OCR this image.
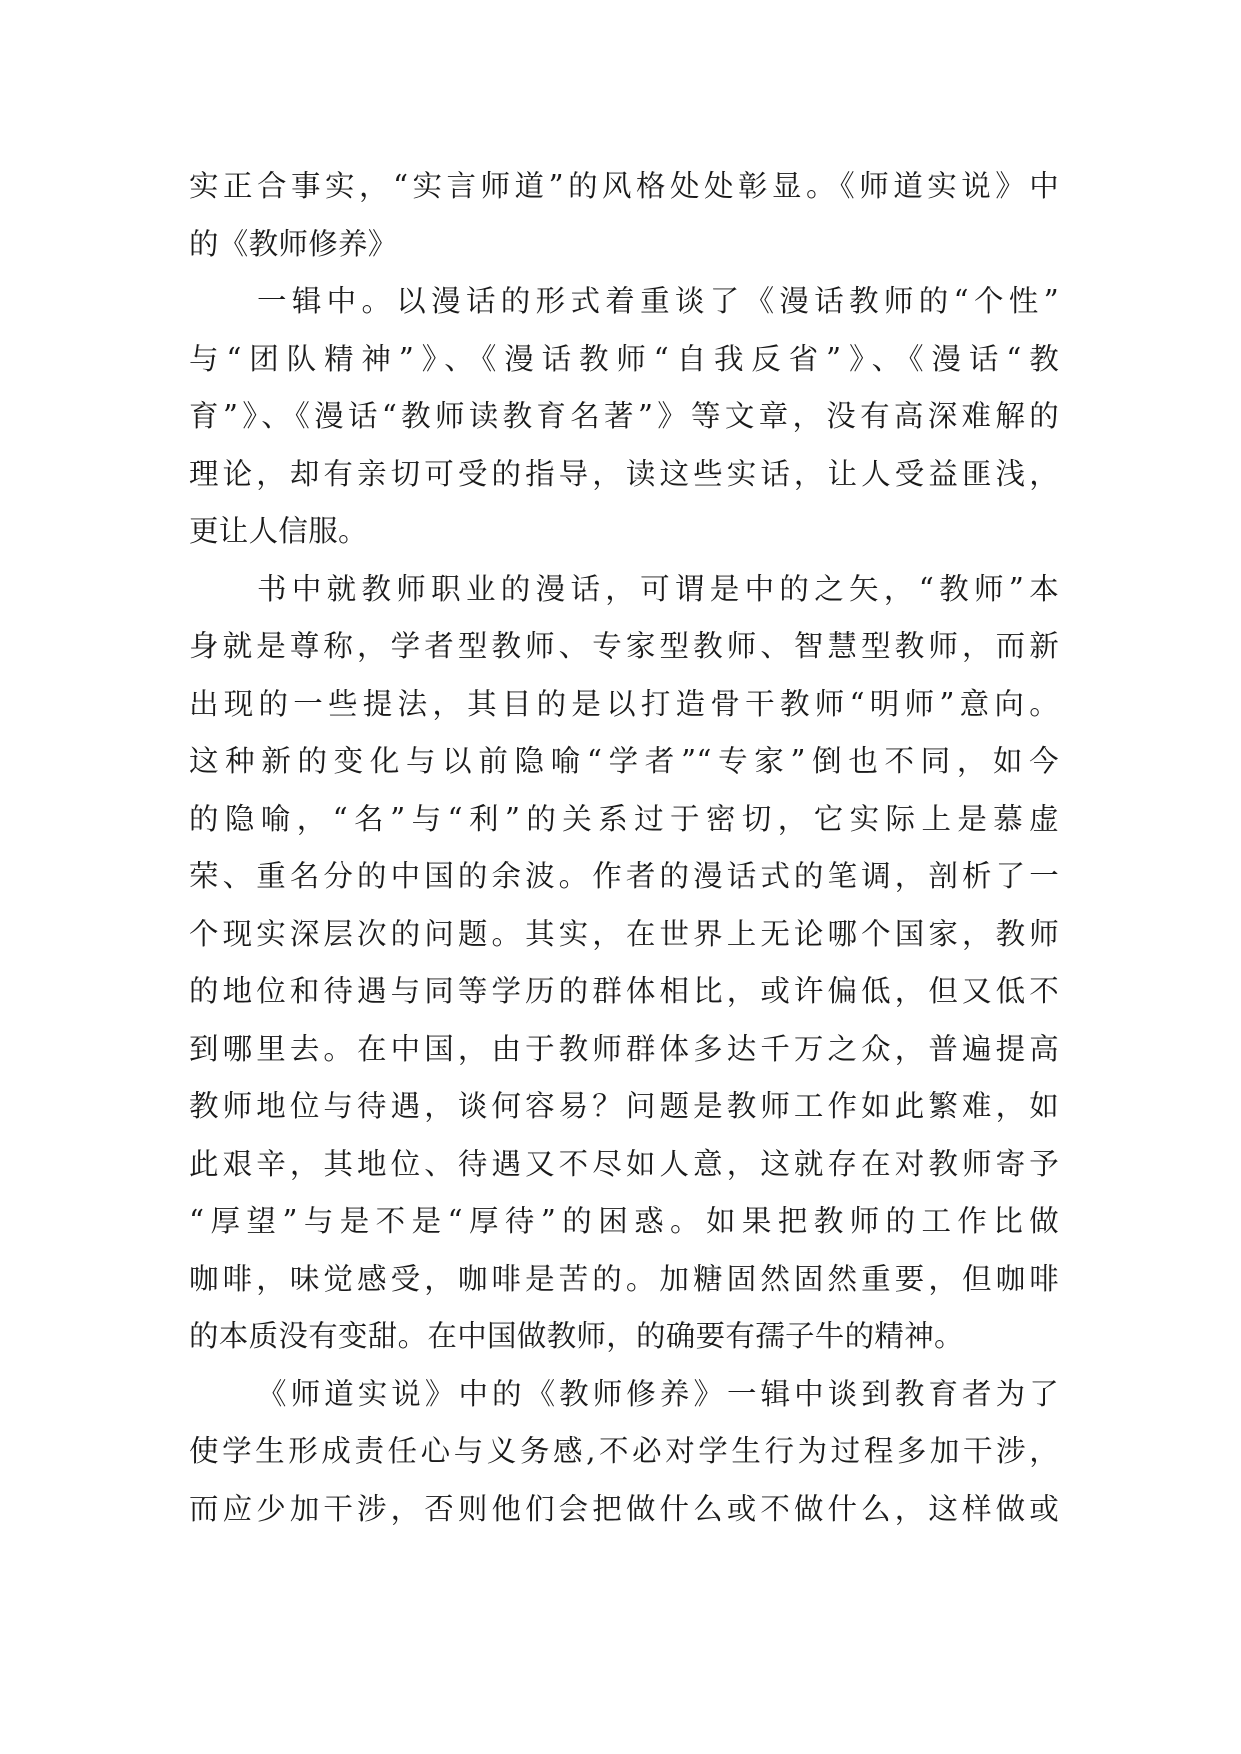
实正合事实，“实言师道”的风格处处彰显。《师道实说》中
的《教师修养》
一辑中。以漫话的形式着重谈了《漫话教师的“个性”
与“团队精神”》、《漫话教师“自我反省”》、《漫话“教
育”》、《漫话“教师读教育名著”》等文章，没有高深难解的
理论，却有亲切可受的指导，读这些实话，让人受益匪浅，
更让人信服。
书中就教师职业的漫话，可谓是中的之矢，“教师”本
身就是尊称，学者型教师、专家型教师、智慧型教师，而新
出现的一些提法，其目的是以打造骨干教师“明师”意向。
这种新的变化与以前隐喻“学者”“专家”倒也不同，如今
的隐喻，“名”与“利”的关系过于密切，它实际上是慕虚
荣、重名分的中国的余波。作者的漫话式的笔调，剖析了一
个现实深层次的问题。其实，在世界上无论哪个国家，教师
的地位和待遇与同等学历的群体相比，或许偏低，但又低不
到哪里去。在中国，由于教师群体多达千万之众，普遍提高
教师地位与待遇，谈何容易？问题是教师工作如此繁难，如
此艰辛，其地位、待遇又不尽如人意，这就存在对教师寄予
“厚望”与是不是“厚待”的困惑。如果把教师的工作比做
咖啡，味觉感受，咖啡是苦的。加糖固然固然重要，但咖啡
的本质没有变甜。在中国做教师，的确要有孺子牛的精神。
《师道实说》中的《教师修养》一辑中谈到教育者为了
使学生形成责任心与义务感,不必对学生行为过程多加干涉，
而应少加干涉，否则他们会把做什么或不做什么，这样做或
